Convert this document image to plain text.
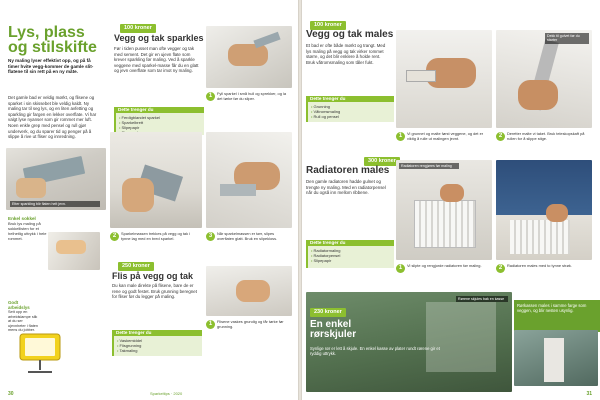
Lys, plass
og stilskifte
Ny maling lyser effektivt opp, og på få timer hvite vegg-kommer de gamle slit-flatene til sin rett på en ny måte.
Det gamle bad er veldig mørkt, og flisene og sparket i sin skissebet ble veldig kaldt. Ny maling tar til seg lys, og en liten avfetting og sparkling gir fargen en lekker overflate. Vi har valgt lyse nyanser som gir rommet mer luft. Noen enkle grep med pensel og rull gjør underverk, og du sparer tid og penger på å slippe å rive ut fliser og innredning.
Etter sparkling blir flaten helt jevn.
Enkel sokkel
Bruk lys maling på sokkellisten for et helhetlig uttrykk i hele rommet.
Godt arbeidslys
Sett opp en arbeidslampe slik at du ser ujevnheter i flaten mens du jobber.
100 kroner
Vegg og tak sparkles
Før i tiden pusset man ofte vegger og tak med sement. Det gir en ujevn flate som krever sparkling før maling. Ved å sparkle veggene med sparkel-masse får du en glatt og jevn overflate som tar imot ny maling.
Dette trenger du
• Ferdigblandet sparkel
• Sparkelbrett
• Slipepapir
•
1	Fyll sparkel i små hull og sprekker, og la det tørke før du sliper.
2	Sparkelmassen trekkes på vegg og tak i tynne lag med en bred sparkel.	3	Når sparkelmassen er tørr, slipes overflaten glatt. Bruk en slipekloss.
250 kroner
Flis på vegg og tak
Du kan male direkte på flisene, bare de er rene og godt festet. Bruk grunning beregnet for fliser før du legger på maling.
Dette trenger du
• Vaskemiddel
• Flisgrunning
• Takmaling
1	Flisene vaskes grundig og får tørke før grunning.
30	Sparkeltips · 2020
100 kroner
Vegg og tak males
Et bad er ofte både mørkt og trangt. Med lys maling på vegg og tak virker rommet større, og det blir enklere å holde rent. Bruk våtromsmaling som tåler fukt.
Dette trenger du
• Grunning
• Våtromsmaling
• Rull og pensel
Dekk til gulvet før du starter
1	Vi grunnet og malte først veggene, og det er viktig å rulle ut malingen jevnt.	2	Deretter malte vi taket. Bruk teleskopskaft på rullen for å slippe stige.
300 kroner
Radiatoren males
Den gamle radiatoren hadde gulnet og trengte ny maling. Med en radiatorpensel når du også inn mellom ribbene.
Dette trenger du
• Radiatormaling
• Radiatorpensel
• Slipepapir
Radiatoren rengjøres før maling
1	Vi slipte og rengjorde radiatoren før maling.	2	Radiatoren males med to tynne strøk.
Rørene skjules bak en kasse
230 kroner
En enkel
rørskjuler
Synlige rør er lett å skjule. En enkel kasse av plater rundt rørene gir et ryddig uttrykk.
Rørkassen males i samme farge som veggen, og blir nesten usynlig.
31
